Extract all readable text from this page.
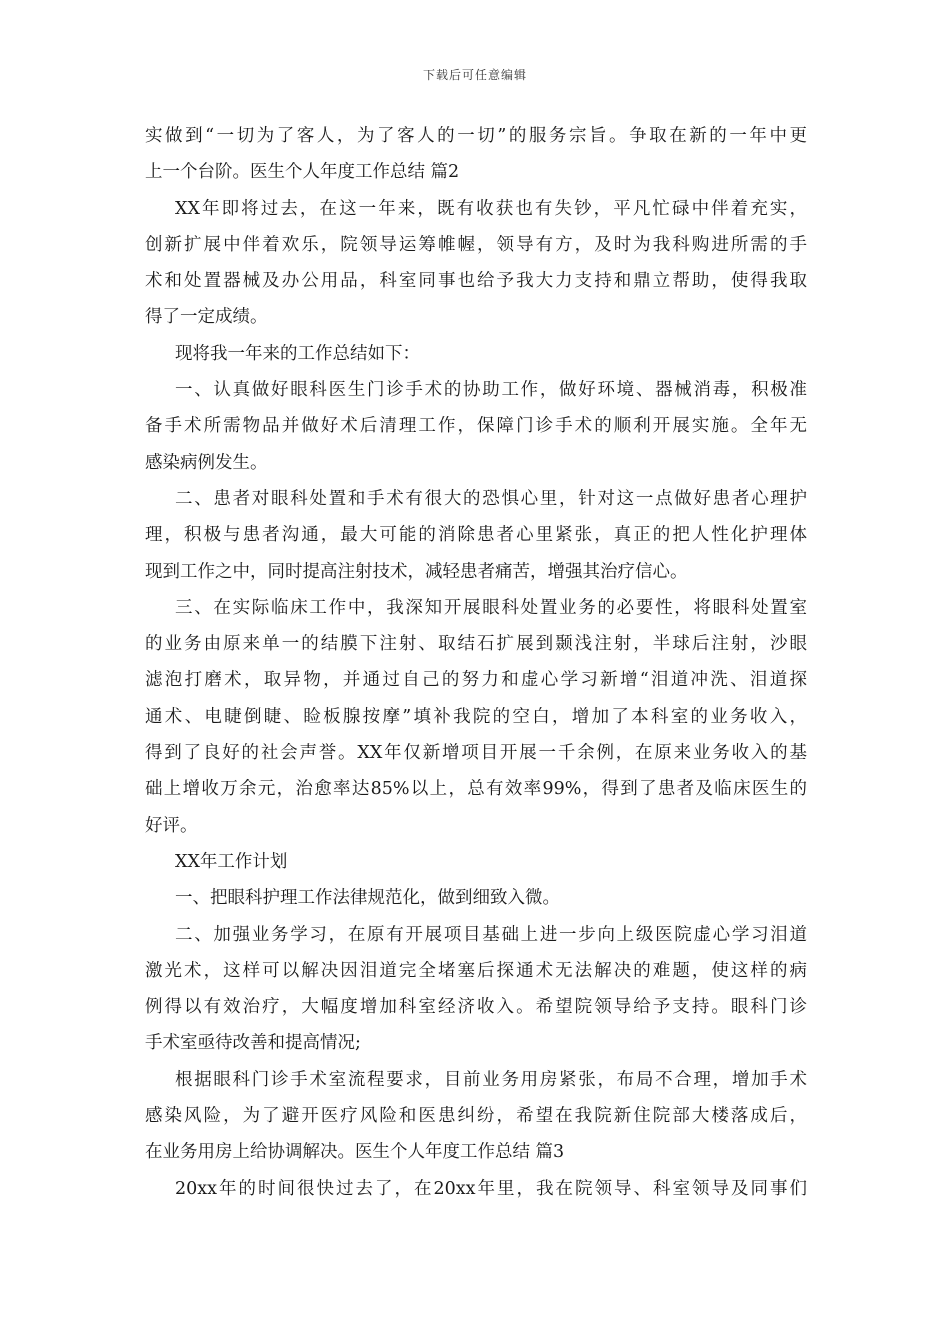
下载后可任意编辑
实做到“一切为了客人，为了客人的一切”的服务宗旨。争取在新的一年中更
上一个台阶。医生个人年度工作总结 篇2
XX年即将过去，在这一年来，既有收获也有失钞，平凡忙碌中伴着充实，
创新扩展中伴着欢乐，院领导运筹帷幄，领导有方，及时为我科购进所需的手
术和处置器械及办公用品，科室同事也给予我大力支持和鼎立帮助，使得我取
得了一定成绩。
现将我一年来的工作总结如下：
一、认真做好眼科医生门诊手术的协助工作，做好环境、器械消毒，积极准
备手术所需物品并做好术后清理工作，保障门诊手术的顺利开展实施。全年无
感染病例发生。
二、患者对眼科处置和手术有很大的恐惧心里，针对这一点做好患者心理护
理，积极与患者沟通，最大可能的消除患者心里紧张，真正的把人性化护理体
现到工作之中，同时提高注射技术，减轻患者痛苦，增强其治疗信心。
三、在实际临床工作中，我深知开展眼科处置业务的必要性，将眼科处置室
的业务由原来单一的结膜下注射、取结石扩展到颞浅注射，半球后注射，沙眼
滤泡打磨术，取异物，并通过自己的努力和虚心学习新增“泪道冲洗、泪道探
通术、电睫倒睫、睑板腺按摩”填补我院的空白，增加了本科室的业务收入，
得到了良好的社会声誉。XX年仅新增项目开展一千余例，在原来业务收入的基
础上增收万余元，治愈率达85%以上，总有效率99%，得到了患者及临床医生的
好评。
XX年工作计划
一、把眼科护理工作法律规范化，做到细致入微。
二、加强业务学习，在原有开展项目基础上进一步向上级医院虚心学习泪道
激光术，这样可以解决因泪道完全堵塞后探通术无法解决的难题，使这样的病
例得以有效治疗，大幅度增加科室经济收入。希望院领导给予支持。眼科门诊
手术室亟待改善和提高情况;
根据眼科门诊手术室流程要求，目前业务用房紧张，布局不合理，增加手术
感染风险，为了避开医疗风险和医患纠纷，希望在我院新住院部大楼落成后，
在业务用房上给协调解决。医生个人年度工作总结 篇3
20xx年的时间很快过去了，在20xx年里，我在院领导、科室领导及同事们
